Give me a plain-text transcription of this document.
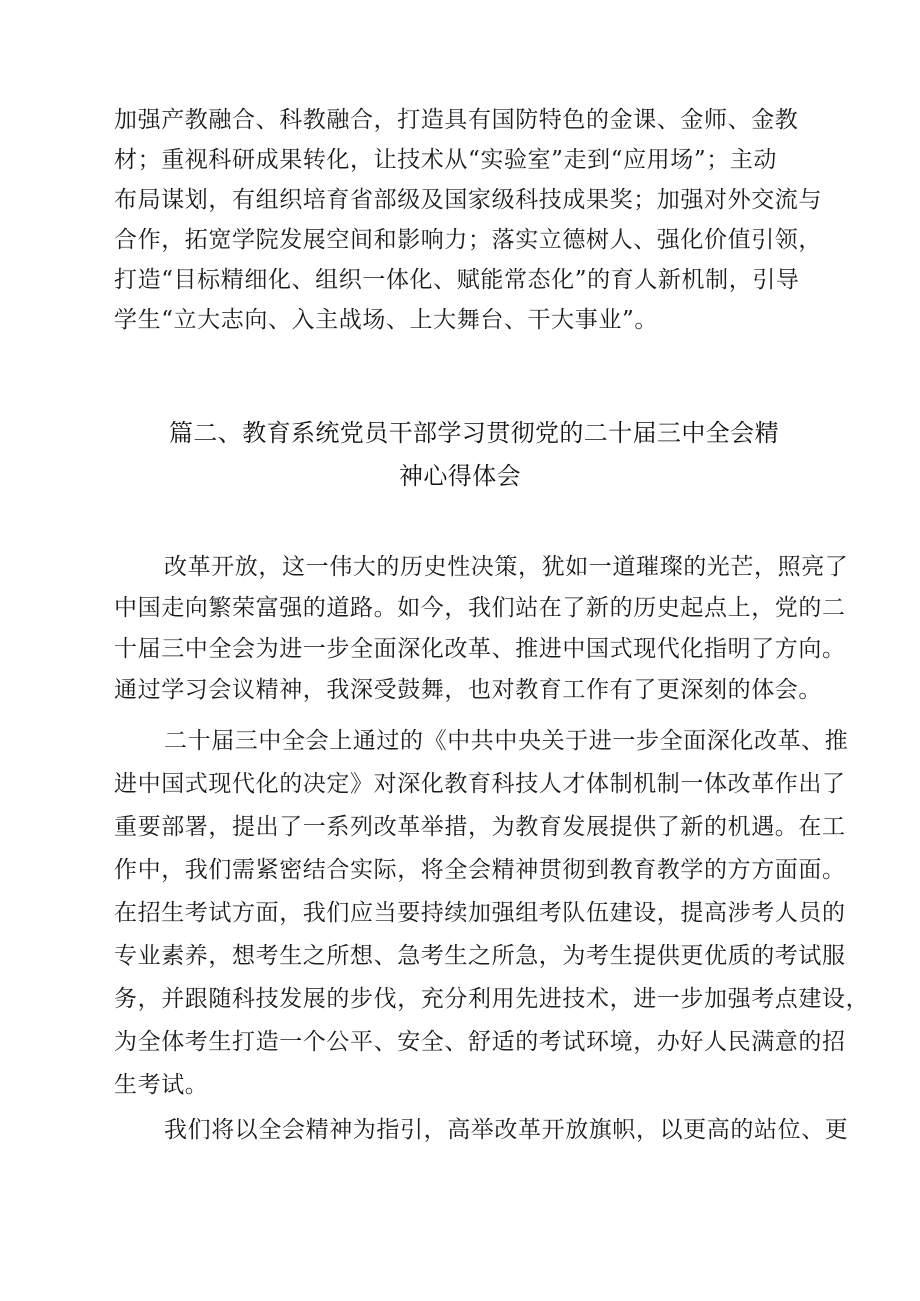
加强产教融合、科教融合，打造具有国防特色的金课、金师、金教
材；重视科研成果转化，让技术从“实验室”走到“应用场”；主动
布局谋划，有组织培育省部级及国家级科技成果奖；加强对外交流与
合作，拓宽学院发展空间和影响力；落实立德树人、强化价值引领，
打造“目标精细化、组织一体化、赋能常态化”的育人新机制，引导
学生“立大志向、入主战场、上大舞台、干大事业”。
篇二、教育系统党员干部学习贯彻党的二十届三中全会精
神心得体会
改革开放，这一伟大的历史性决策，犹如一道璀璨的光芒，照亮了
中国走向繁荣富强的道路。如今，我们站在了新的历史起点上，党的二
十届三中全会为进一步全面深化改革、推进中国式现代化指明了方向。
通过学习会议精神，我深受鼓舞，也对教育工作有了更深刻的体会。
二十届三中全会上通过的《中共中央关于进一步全面深化改革、推
进中国式现代化的决定》对深化教育科技人才体制机制一体改革作出了
重要部署，提出了一系列改革举措，为教育发展提供了新的机遇。在工
作中，我们需紧密结合实际，将全会精神贯彻到教育教学的方方面面。
在招生考试方面，我们应当要持续加强组考队伍建设，提高涉考人员的
专业素养，想考生之所想、急考生之所急，为考生提供更优质的考试服
务，并跟随科技发展的步伐，充分利用先进技术，进一步加强考点建设，
为全体考生打造一个公平、安全、舒适的考试环境，办好人民满意的招
生考试。
我们将以全会精神为指引，高举改革开放旗帜，以更高的站位、更
